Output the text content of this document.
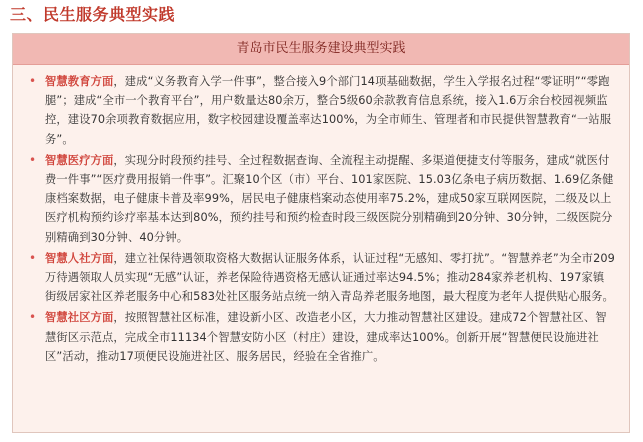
三、民生服务典型实践
青岛市民生服务建设典型实践
• 智慧教育方面，建成“义务教育入学一件事”，整合接入9个部门14项基础数据，学生入学报名过程“零证明”“零跑腿”；建成“全市一个教育平台”，用户数量达80余万，整合5级60余款教育信息系统，接入1.6万余台校园视频监控，建设70余项教育数据应用，数字校园建设覆盖率达100%，为全市师生、管理者和市民提供智慧教育“一站服务”。
• 智慧医疗方面，实现分时段预约挂号、全过程数据查询、全流程主动提醒、多渠道便捷支付等服务，建成“就医付费一件事”“医疗费用报销一件事”。汇聚10个区（市）平台、101家医院、15.03亿条电子病历数据、1.69亿条健康档案数据，电子健康卡普及率99%，居民电子健康档案动态使用率75.2%，建成50家互联网医院，二级及以上医疗机构预约诊疗率基本达到80%，预约挂号和预约检查时段三级医院分别精确到20分钟、30分钟，二级医院分别精确到30分钟、40分钟。
• 智慧人社方面，建立社保待遇领取资格大数据认证服务体系，认证过程“无感知、零打扰”。“智慧养老”为全市209万待遇领取人员实现“无感”认证，养老保险待遇资格无感认证通过率达94.5%；推动284家养老机构、197家镇街级居家社区养老服务中心和583处社区服务站点统一纳入青岛养老服务地图，最大程度为老年人提供贴心服务。
• 智慧社区方面，按照智慧社区标准，建设新小区、改造老小区，大力推动智慧社区建设。建成72个智慧社区、智慧街区示范点，完成全市11134个智慧安防小区（村庄）建设，建成率达100%。创新开展“智慧便民设施进社区”活动，推动17项便民设施进社区、服务居民，经验在全省推广。
